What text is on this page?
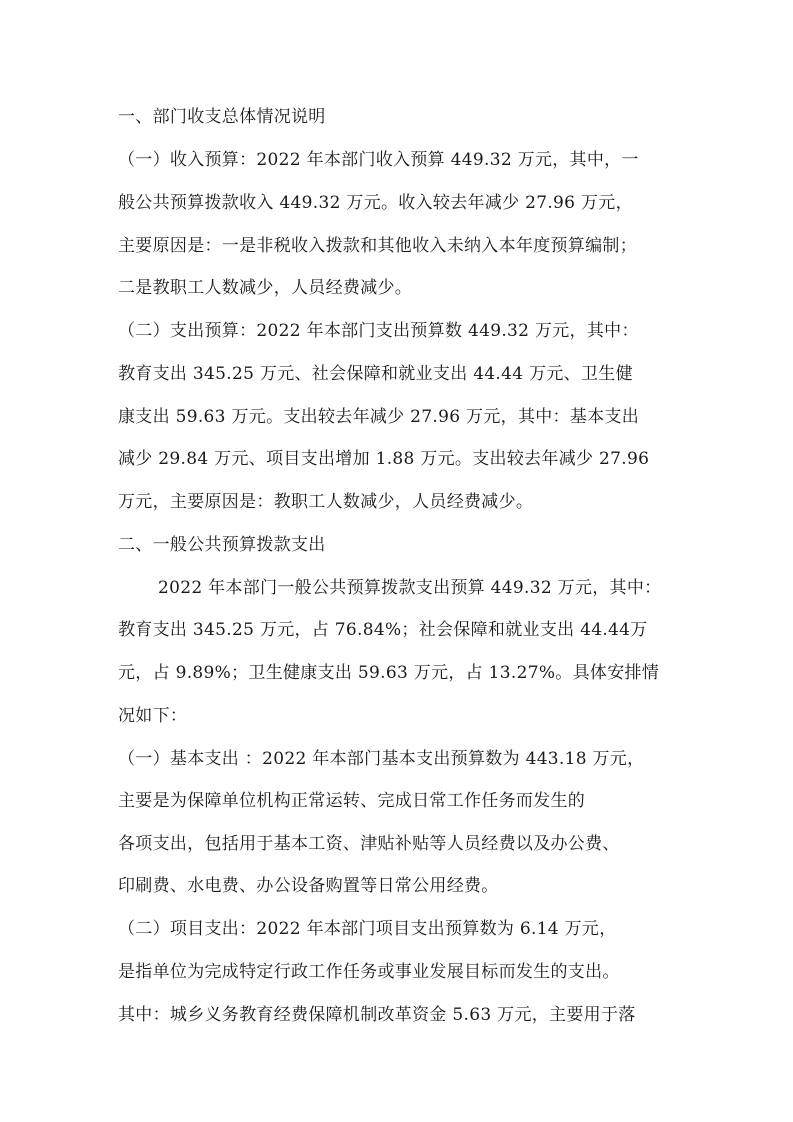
一、部门收支总体情况说明
（一）收入预算：2022 年本部门收入预算 449.32 万元，其中，一
般公共预算拨款收入 449.32 万元。收入较去年减少 27.96 万元，
主要原因是：一是非税收入拨款和其他收入未纳入本年度预算编制；
二是教职工人数减少，人员经费减少。
（二）支出预算：2022 年本部门支出预算数 449.32 万元，其中：
教育支出 345.25 万元、社会保障和就业支出 44.44 万元、卫生健
康支出 59.63 万元。支出较去年减少 27.96 万元，其中：基本支出
减少 29.84 万元、项目支出增加 1.88 万元。支出较去年减少 27.96
万元，主要原因是：教职工人数减少，人员经费减少。
二、一般公共预算拨款支出
2022 年本部门一般公共预算拨款支出预算 449.32 万元，其中：
教育支出 345.25 万元，占 76.84%；社会保障和就业支出 44.44万
元，占 9.89%；卫生健康支出 59.63 万元，占 13.27%。具体安排情
况如下：
（一）基本支出 ：2022 年本部门基本支出预算数为 443.18 万元，
主要是为保障单位机构正常运转、完成日常工作任务而发生的
各项支出，包括用于基本工资、津贴补贴等人员经费以及办公费、
印刷费、水电费、办公设备购置等日常公用经费。
（二）项目支出：2022 年本部门项目支出预算数为 6.14 万元，
是指单位为完成特定行政工作任务或事业发展目标而发生的支出。
其中：城乡义务教育经费保障机制改革资金 5.63 万元，主要用于落
